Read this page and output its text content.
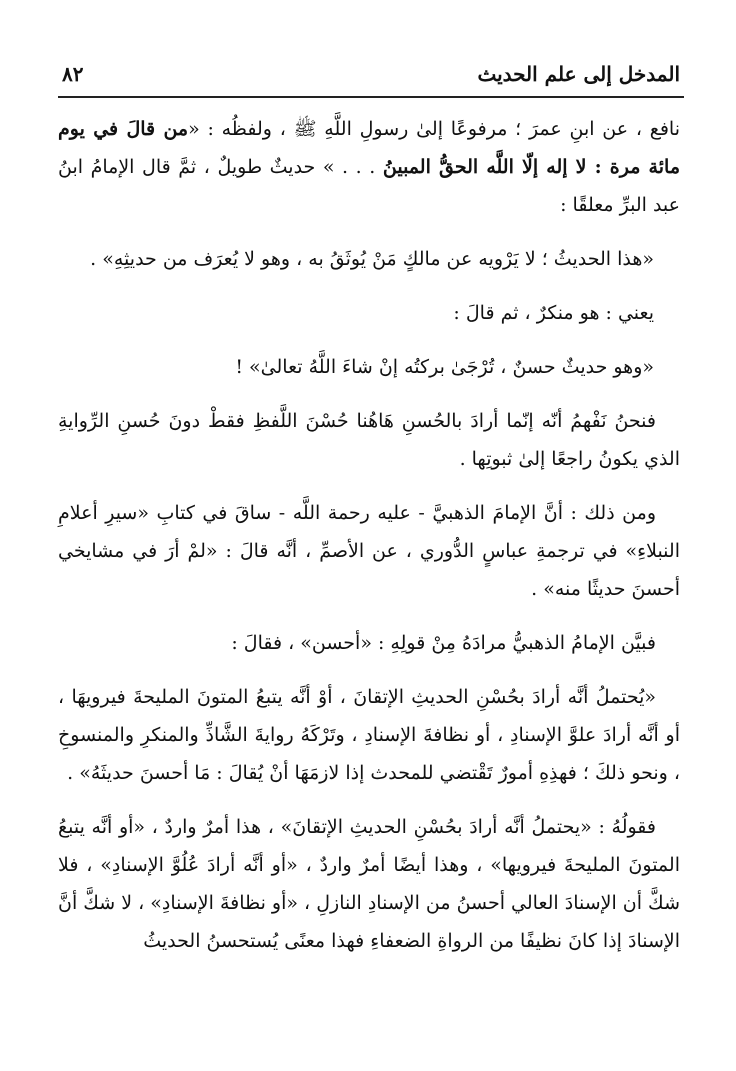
المدخل إلى علم الحديث
٨٢

نافع ، عن ابنِ عمرَ ؛ مرفوعًا إلىٰ رسولِ اللَّهِ ﷺ ، ولفظُه : «من قالَ في يوم مائة مرة : لا إله إلّا اللَّه الحقُّ المبينُ . . . » حديثٌ طويلٌ ، ثمَّ قال الإمامُ ابنُ عبد البرِّ معلقًا :

«هذا الحديثُ ؛ لا يَرْويه عن مالكٍ مَنْ يُوثَقُ به ، وهو لا يُعرَف من حديثِهِ» .

يعني : هو منكرٌ ، ثم قالَ :

«وهو حديثٌ حسنٌ ، تُرْجَىٰ بركتُه إنْ شاءَ اللَّهُ تعالىٰ» !

فنحنُ نَفْهمُ أنّه إنّما أرادَ بالحُسنِ هَاهُنا حُسْنَ اللَّفظِ فقطْ دونَ حُسنِ الرِّوايةِ الذي يكونُ راجعًا إلىٰ ثبوتِها .

ومن ذلك : أنَّ الإمامَ الذهبيَّ - عليه رحمة اللَّه - ساقَ في كتابِ «سيرِ أعلامِ النبلاءِ» في ترجمةِ عباسٍ الدُّوري ، عن الأصمِّ ، أنَّه قالَ : «لمْ أرَ في مشايخي أحسنَ حديثًا منه» .

فبيَّن الإمامُ الذهبيُّ مرادَهُ مِنْ قولِهِ : «أحسن» ، فقالَ :

«يُحتملُ أنَّه أرادَ بحُسْنِ الحديثِ الإتقانَ ، أوْ أنَّه يتبعُ المتونَ المليحةَ فيرويهَا ، أو أنَّه أرادَ علوَّ الإسنادِ ، أو نظافةَ الإسنادِ ، وتَرْكَهُ روايةَ الشَّاذِّ والمنكرِ والمنسوخِ ، ونحو ذلكَ ؛ فهذِهِ أمورٌ تَقْتضي للمحدث إذا لازمَهَا أنْ يُقالَ : مَا أحسنَ حديثَهُ» .

فقولُهُ : «يحتملُ أنَّه أرادَ بحُسْنِ الحديثِ الإتقانَ» ، هذا أمرٌ واردٌ ، «أو أنَّه يتبعُ المتونَ المليحةَ فيرويها» ، وهذا أيضًا أمرٌ واردٌ ، «أو أنَّه أرادَ عُلُوَّ الإسنادِ» ، فلا شكَّ أن الإسنادَ العالي أحسنُ من الإسنادِ النازلِ ، «أو نظافةَ الإسنادِ» ، لا شكَّ أنَّ الإسنادَ إذا كانَ نظيفًا من الرواةِ الضعفاءِ فهذا معنًى يُستحسنُ الحديثُ
